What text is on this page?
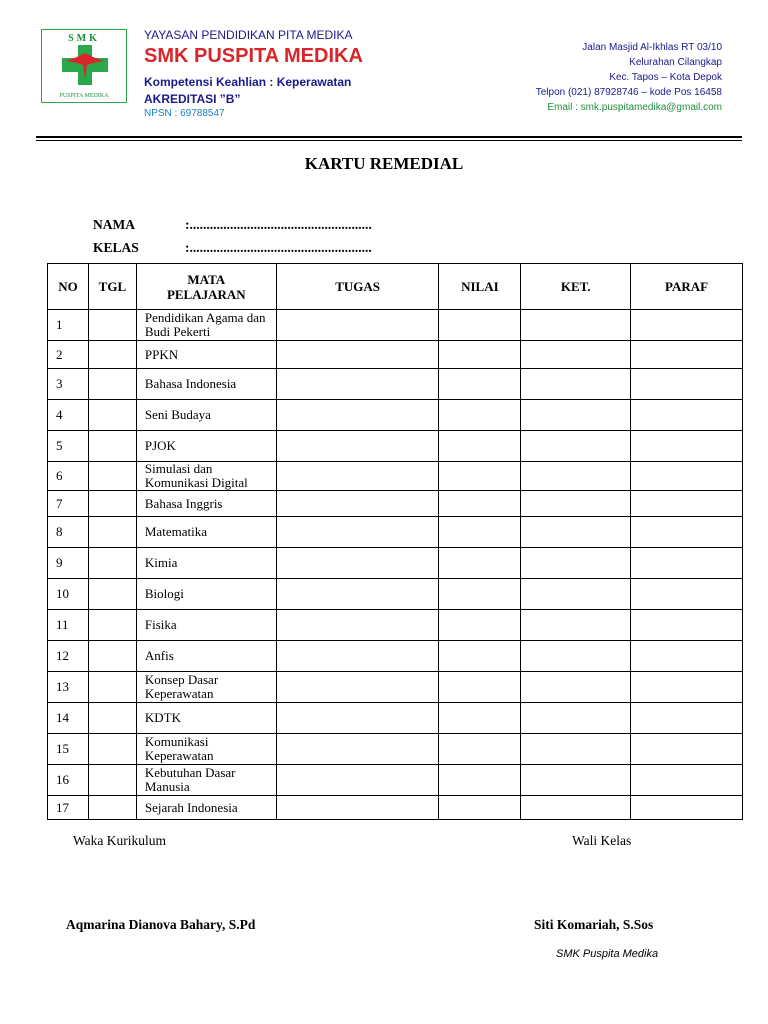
SMK
PUSPITA MEDIKA
YAYASAN PENDIDIKAN PITA MEDIKA
SMK PUSPITA MEDIKA
Kompetensi Keahlian : Keperawatan
AKREDITASI ”B”
NPSN : 69788547
Jalan Masjid Al-Ikhlas RT 03/10
Kelurahan Cilangkap
Kec. Tapos – Kota Depok
Telpon (021) 87928746 – kode Pos 16458
Email : smk.puspitamedika@gmail.com
KARTU REMEDIAL
NAMA	:......................................................
KELAS	:......................................................
NO	TGL	MATA PELAJARAN	TUGAS	NILAI	KET.	PARAF
1		Pendidikan Agama dan Budi Pekerti				
2		PPKN				
3		Bahasa Indonesia				
4		Seni Budaya				
5		PJOK				
6		Simulasi dan Komunikasi Digital				
7		Bahasa Inggris				
8		Matematika				
9		Kimia				
10		Biologi				
11		Fisika				
12		Anfis				
13		Konsep Dasar Keperawatan				
14		KDTK				
15		Komunikasi Keperawatan				
16		Kebutuhan Dasar Manusia				
17		Sejarah Indonesia				
Waka Kurikulum	Wali Kelas
Aqmarina Dianova Bahary, S.Pd	Siti Komariah, S.Sos
SMK Puspita Medika
